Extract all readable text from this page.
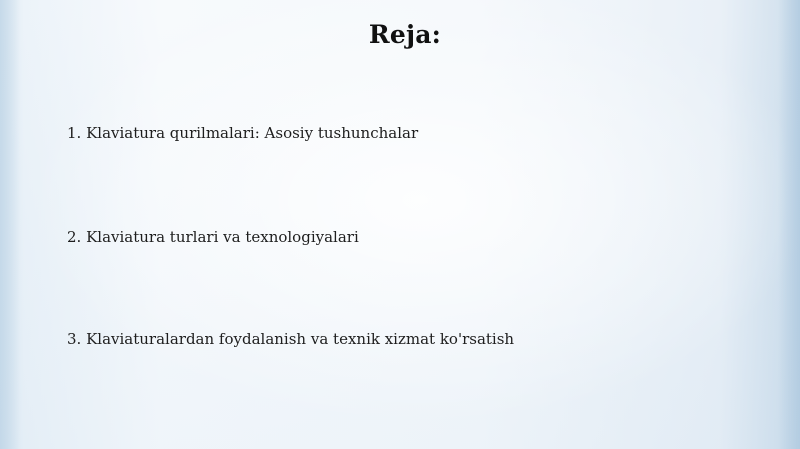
Reja:
1. Klaviatura qurilmalari: Asosiy tushunchalar
2. Klaviatura turlari va texnologiyalari
3. Klaviaturalardan foydalanish va texnik xizmat ko'rsatish
